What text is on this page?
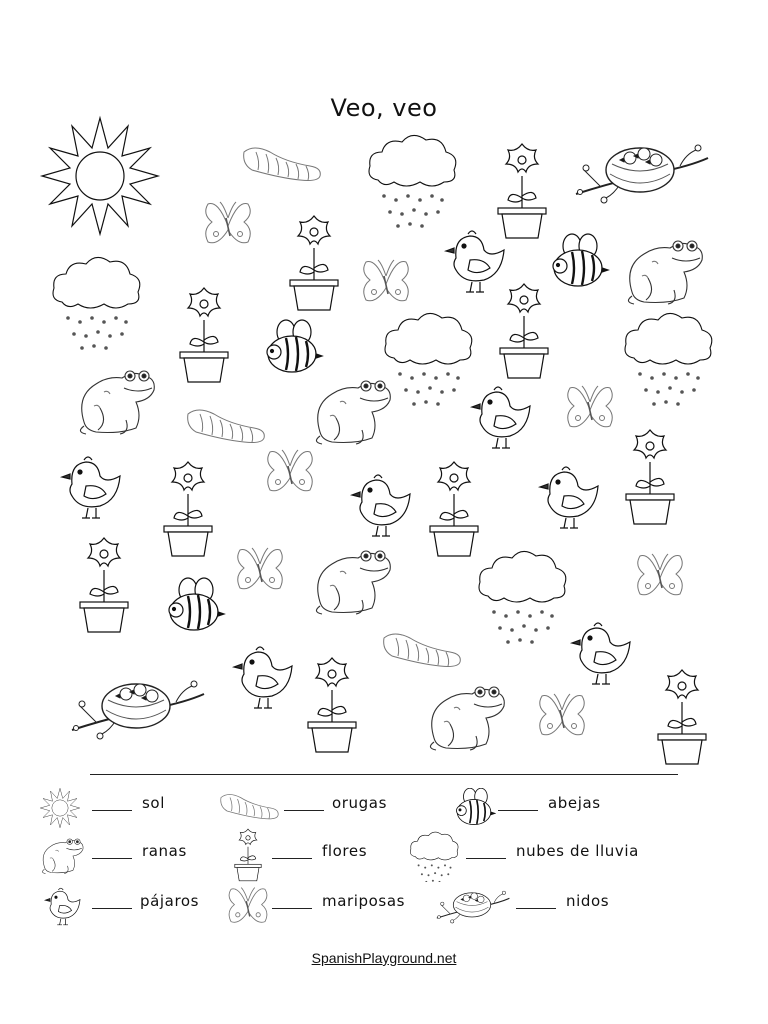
Veo, veo
sol	orugas	abejas
ranas	flores	nubes de lluvia
pájaros	mariposas	nidos
SpanishPlayground.net
